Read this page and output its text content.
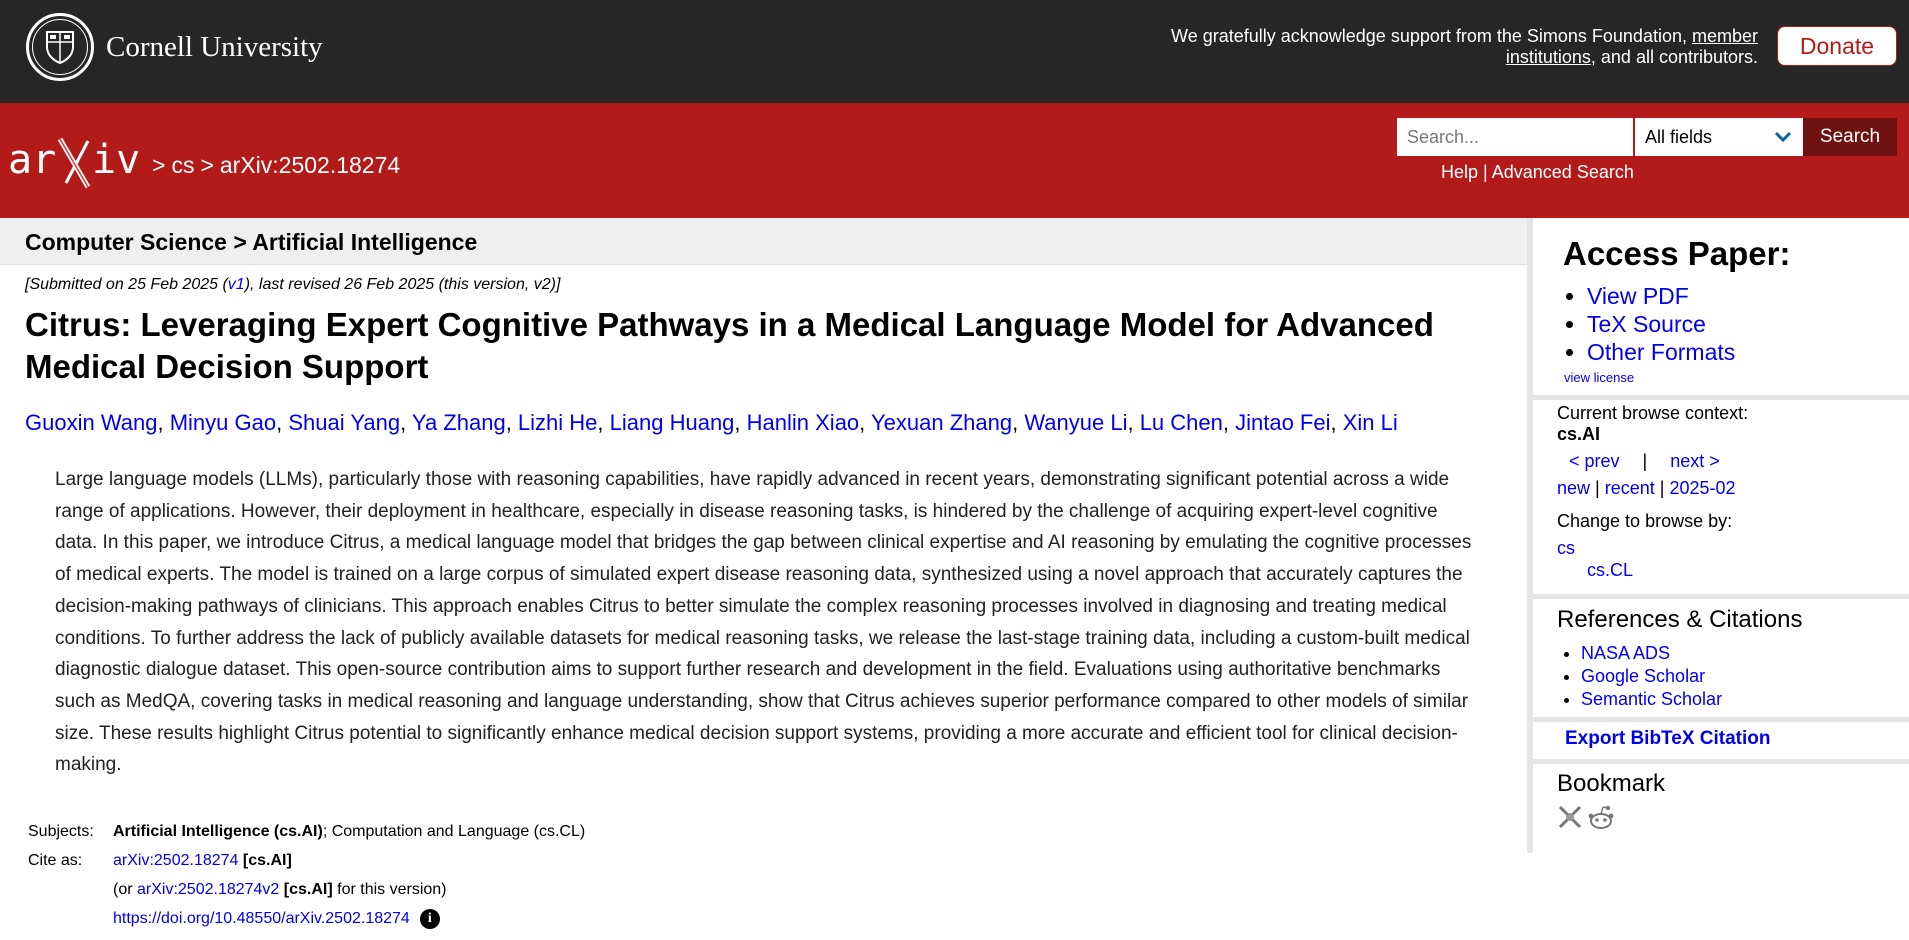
Cornell University	We gratefully acknowledge support from the Simons Foundation, member institutions, and all contributors.	Donate
ar iv > cs > arXiv:2502.18274
Search...
All fields	Search
Help | Advanced Search
Computer Science > Artificial Intelligence
[Submitted on 25 Feb 2025 (v1), last revised 26 Feb 2025 (this version, v2)]
Citrus: Leveraging Expert Cognitive Pathways in a Medical Language Model for Advanced Medical Decision Support
Guoxin Wang, Minyu Gao, Shuai Yang, Ya Zhang, Lizhi He, Liang Huang, Hanlin Xiao, Yexuan Zhang, Wanyue Li, Lu Chen, Jintao Fei, Xin Li

Large language models (LLMs), particularly those with reasoning capabilities, have rapidly advanced in recent years, demonstrating significant potential across a wide range of applications. However, their deployment in healthcare, especially in disease reasoning tasks, is hindered by the challenge of acquiring expert-level cognitive data. In this paper, we introduce Citrus, a medical language model that bridges the gap between clinical expertise and AI reasoning by emulating the cognitive processes of medical experts. The model is trained on a large corpus of simulated expert disease reasoning data, synthesized using a novel approach that accurately captures the decision-making pathways of clinicians. This approach enables Citrus to better simulate the complex reasoning processes involved in diagnosing and treating medical conditions. To further address the lack of publicly available datasets for medical reasoning tasks, we release the last-stage training data, including a custom-built medical diagnostic dialogue dataset. This open-source contribution aims to support further research and development in the field. Evaluations using authoritative benchmarks such as MedQA, covering tasks in medical reasoning and language understanding, show that Citrus achieves superior performance compared to other models of similar size. These results highlight Citrus potential to significantly enhance medical decision support systems, providing a more accurate and efficient tool for clinical decision-making.

Subjects:	Artificial Intelligence (cs.AI); Computation and Language (cs.CL)
Cite as:	arXiv:2502.18274 [cs.AI]
(or arXiv:2502.18274v2 [cs.AI] for this version)
https://doi.org/10.48550/arXiv.2502.18274	i
Access Paper:
• View PDF
• TeX Source
• Other Formats
view license
Current browse context:
cs.AI
< prev | next >
new | recent | 2025-02
Change to browse by:
cs
cs.CL
References & Citations
• NASA ADS
• Google Scholar
• Semantic Scholar
Export BibTeX Citation
Bookmark
